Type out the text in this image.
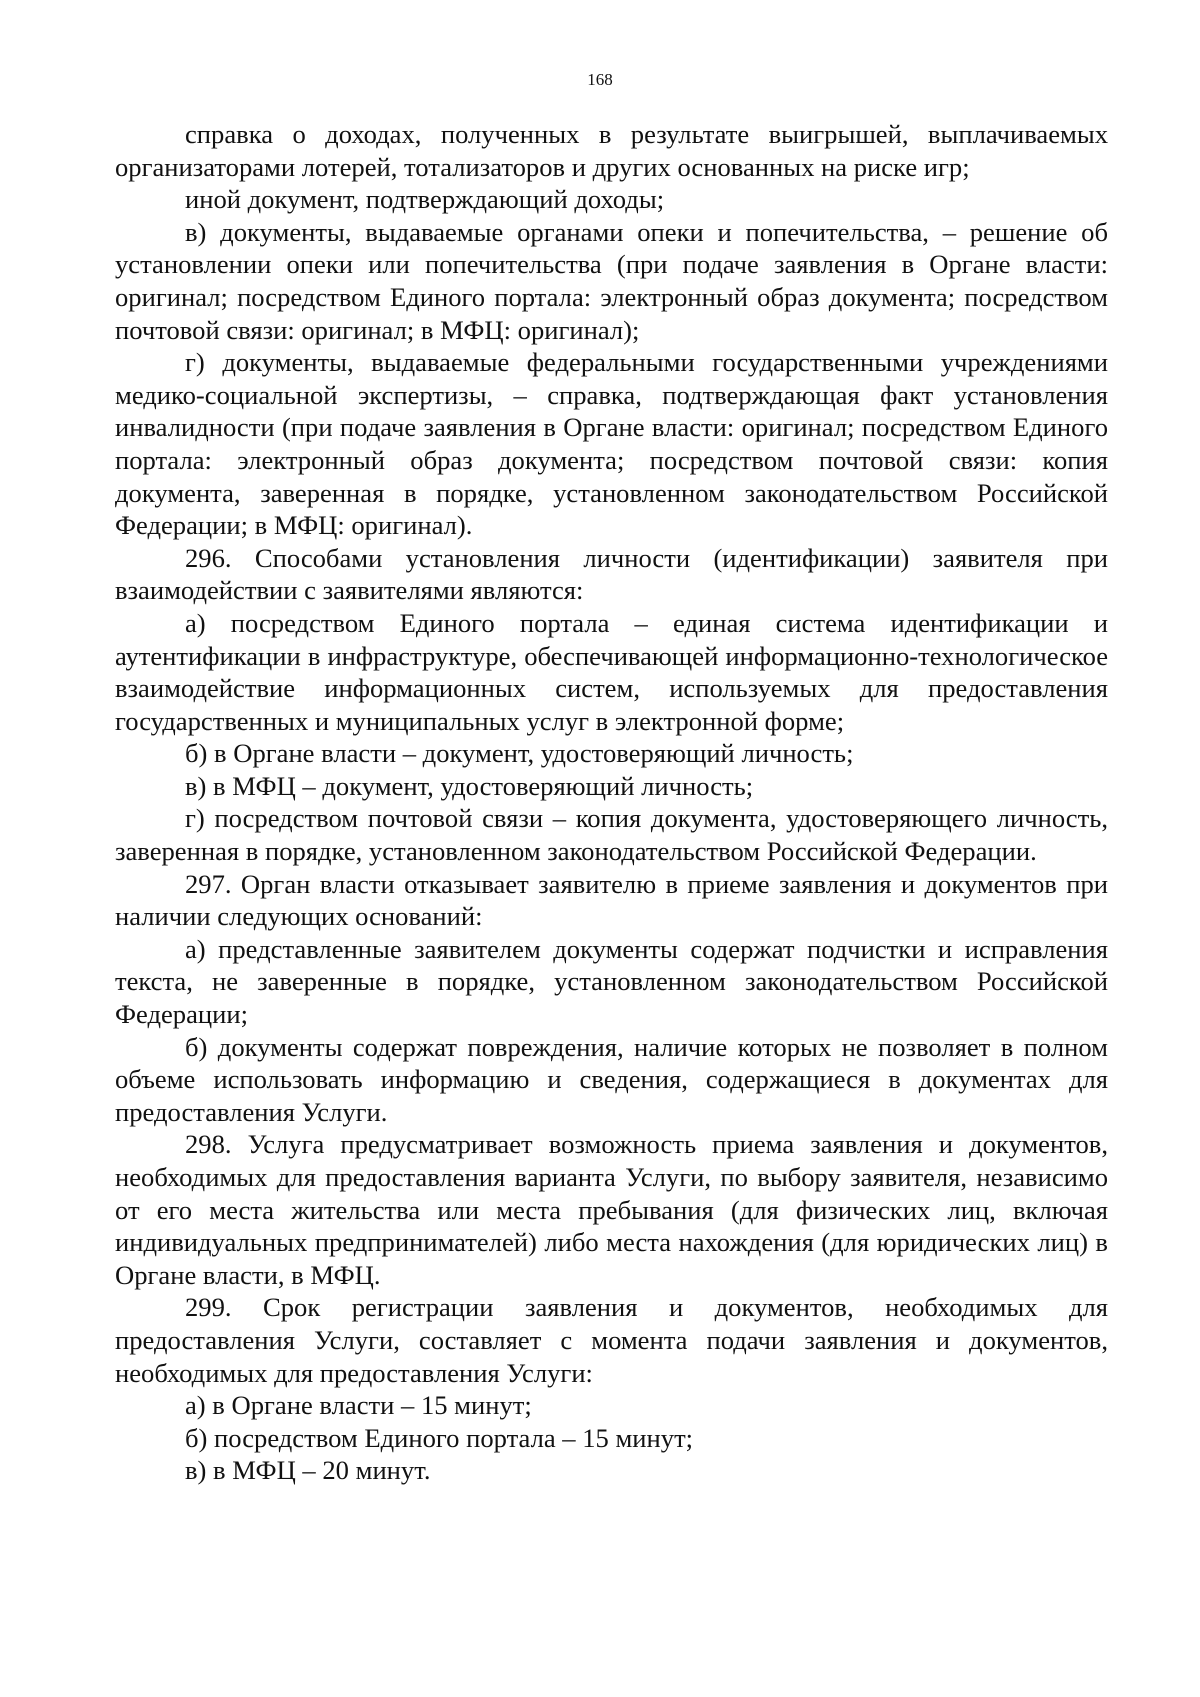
168

справка о доходах, полученных в результате выигрышей, выплачиваемых организаторами лотерей, тотализаторов и других основанных на риске игр;

иной документ, подтверждающий доходы;

в) документы, выдаваемые органами опеки и попечительства, – решение об установлении опеки или попечительства (при подаче заявления в Органе власти: оригинал; посредством Единого портала: электронный образ документа; посредством почтовой связи: оригинал; в МФЦ: оригинал);

г) документы, выдаваемые федеральными государственными учреждениями медико-социальной экспертизы, – справка, подтверждающая факт установления инвалидности (при подаче заявления в Органе власти: оригинал; посредством Единого портала: электронный образ документа; посредством почтовой связи: копия документа, заверенная в порядке, установленном законодательством Российской Федерации; в МФЦ: оригинал).

296. Способами установления личности (идентификации) заявителя при взаимодействии с заявителями являются:

а) посредством Единого портала – единая система идентификации и аутентификации в инфраструктуре, обеспечивающей информационно-технологическое взаимодействие информационных систем, используемых для предоставления государственных и муниципальных услуг в электронной форме;

б) в Органе власти – документ, удостоверяющий личность;

в) в МФЦ – документ, удостоверяющий личность;

г) посредством почтовой связи – копия документа, удостоверяющего личность, заверенная в порядке, установленном законодательством Российской Федерации.

297. Орган власти отказывает заявителю в приеме заявления и документов при наличии следующих оснований:

а) представленные заявителем документы содержат подчистки и исправления текста, не заверенные в порядке, установленном законодательством Российской Федерации;

б) документы содержат повреждения, наличие которых не позволяет в полном объеме использовать информацию и сведения, содержащиеся в документах для предоставления Услуги.

298. Услуга предусматривает возможность приема заявления и документов, необходимых для предоставления варианта Услуги, по выбору заявителя, независимо от его места жительства или места пребывания (для физических лиц, включая индивидуальных предпринимателей) либо места нахождения (для юридических лиц) в Органе власти, в МФЦ.

299. Срок регистрации заявления и документов, необходимых для предоставления Услуги, составляет с момента подачи заявления и документов, необходимых для предоставления Услуги:

а) в Органе власти – 15 минут;

б) посредством Единого портала – 15 минут;

в) в МФЦ – 20 минут.
